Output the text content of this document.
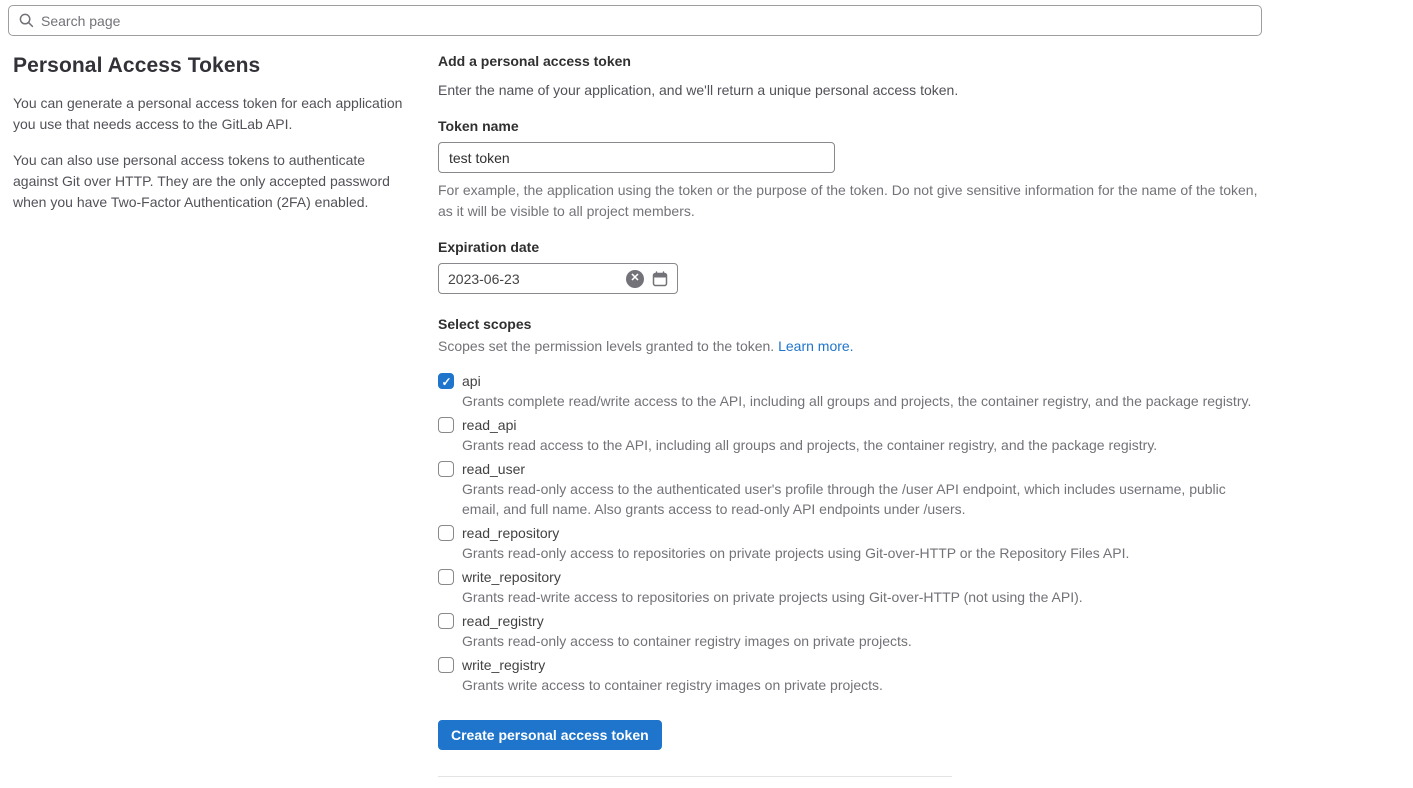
Search page
Personal Access Tokens

You can generate a personal access token for each application you use that needs access to the GitLab API.

You can also use personal access tokens to authenticate against Git over HTTP. They are the only accepted password when you have Two-Factor Authentication (2FA) enabled.

Add a personal access token

Enter the name of your application, and we'll return a unique personal access token.

Token name
test token

For example, the application using the token or the purpose of the token. Do not give sensitive information for the name of the token, as it will be visible to all project members.

Expiration date
2023-06-23
✕
Select scopes

Scopes set the permission levels granted to the token. Learn more.

✓
api

Grants complete read/write access to the API, including all groups and projects, the container registry, and the package registry.

read_api

Grants read access to the API, including all groups and projects, the container registry, and the package registry.

read_user

Grants read-only access to the authenticated user's profile through the /user API endpoint, which includes username, public email, and full name. Also grants access to read-only API endpoints under /users.

read_repository

Grants read-only access to repositories on private projects using Git-over-HTTP or the Repository Files API.

write_repository

Grants read-write access to repositories on private projects using Git-over-HTTP (not using the API).

read_registry

Grants read-only access to container registry images on private projects.

write_registry

Grants write access to container registry images on private projects.

Create personal access token
